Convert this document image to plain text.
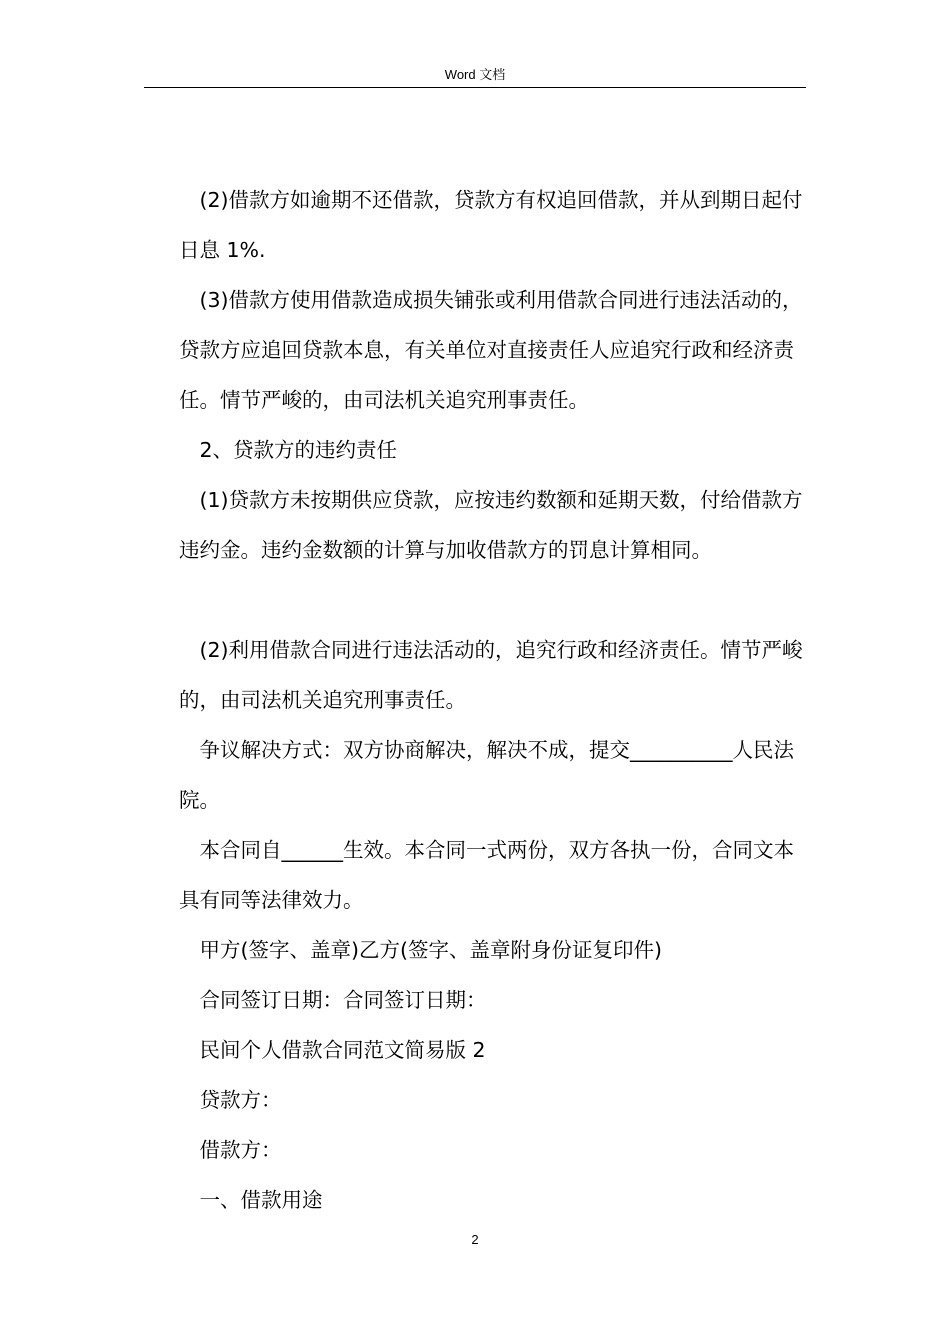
Word 文档

(2)借款方如逾期不还借款，贷款方有权追回借款，并从到期日起付日息 1%.

(3)借款方使用借款造成损失铺张或利用借款合同进行违法活动的，贷款方应追回贷款本息，有关单位对直接责任人应追究行政和经济责任。情节严峻的，由司法机关追究刑事责任。

2、贷款方的违约责任

(1)贷款方未按期供应贷款，应按违约数额和延期天数，付给借款方违约金。违约金数额的计算与加收借款方的罚息计算相同。

(2)利用借款合同进行违法活动的，追究行政和经济责任。情节严峻的，由司法机关追究刑事责任。

争议解决方式：双方协商解决，解决不成，提交__________人民法院。

本合同自______生效。本合同一式两份，双方各执一份，合同文本具有同等法律效力。

甲方(签字、盖章)乙方(签字、盖章附身份证复印件)

合同签订日期：合同签订日期：

民间个人借款合同范文简易版 2

贷款方：

借款方：

一、借款用途

2
